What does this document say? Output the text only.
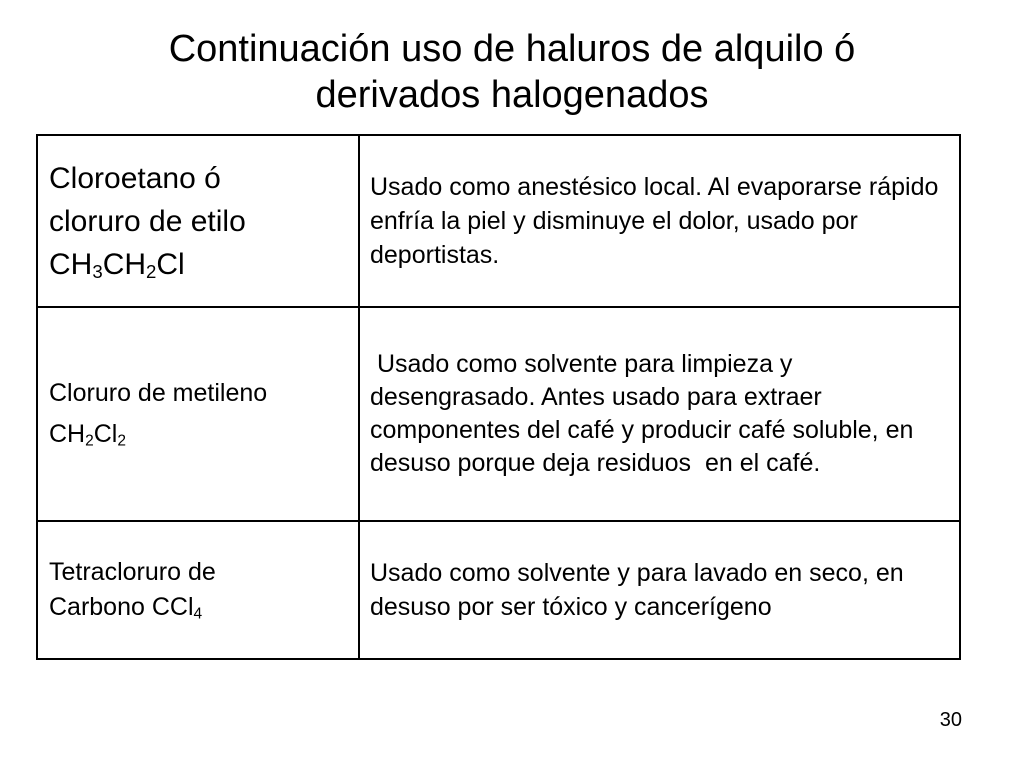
Continuación uso de haluros de alquilo ó
derivados halogenados
Cloroetano ó
cloruro de etilo
$CH_3CH_2Cl$	Usado como anestésico local. Al evaporarse rápido enfría la piel y disminuye el dolor, usado por deportistas.

Cloruro de metileno
$CH_2Cl_2$	Usado como solvente para limpieza y desengrasado. Antes usado para extraer componentes del café y producir café soluble, en desuso porque deja residuos  en el café.

Tetracloruro de
Carbono CCl$_4$	Usado como solvente y para lavado en seco, en desuso por ser tóxico y cancerígeno
30
